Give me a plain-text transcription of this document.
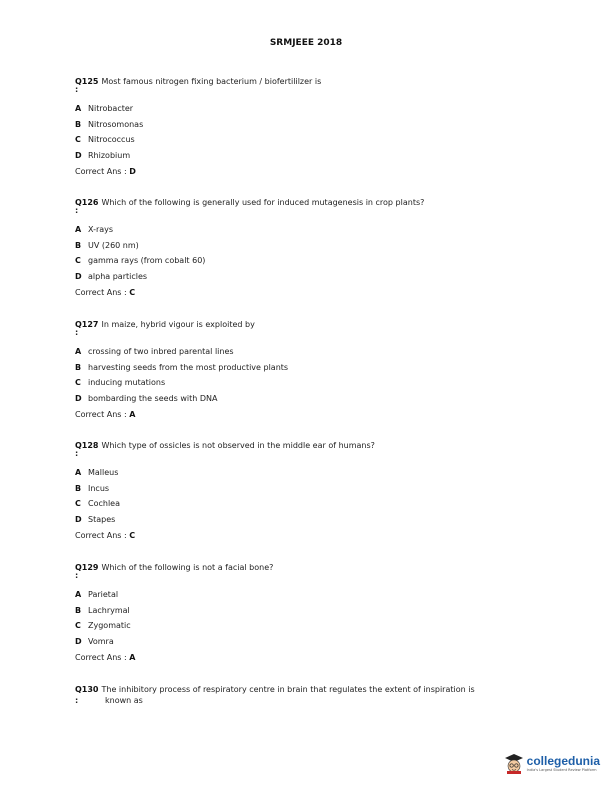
SRMJEEE 2018
Q125 Most famous nitrogen fixing bacterium / biofertililzer is
:
A Nitrobacter
B Nitrosomonas
C Nitrococcus
D Rhizobium
Correct Ans : D
Q126 Which of the following is generally used for induced mutagenesis in crop plants?
:
A X-rays
B UV (260 nm)
C gamma rays (from cobalt 60)
D alpha particles
Correct Ans : C
Q127 In maize, hybrid vigour is exploited by
:
A crossing of two inbred parental lines
B harvesting seeds from the most productive plants
C inducing mutations
D bombarding the seeds with DNA
Correct Ans : A
Q128 Which type of ossicles is not observed in the middle ear of humans?
:
A Malleus
B Incus
C Cochlea
D Stapes
Correct Ans : C
Q129 Which of the following is not a facial bone?
:
A Parietal
B Lachrymal
C Zygomatic
D Vomra
Correct Ans : A
Q130 The inhibitory process of respiratory centre in brain that regulates the extent of inspiration is
:	known as
collegedunia
India's Largest Student Review Platform
